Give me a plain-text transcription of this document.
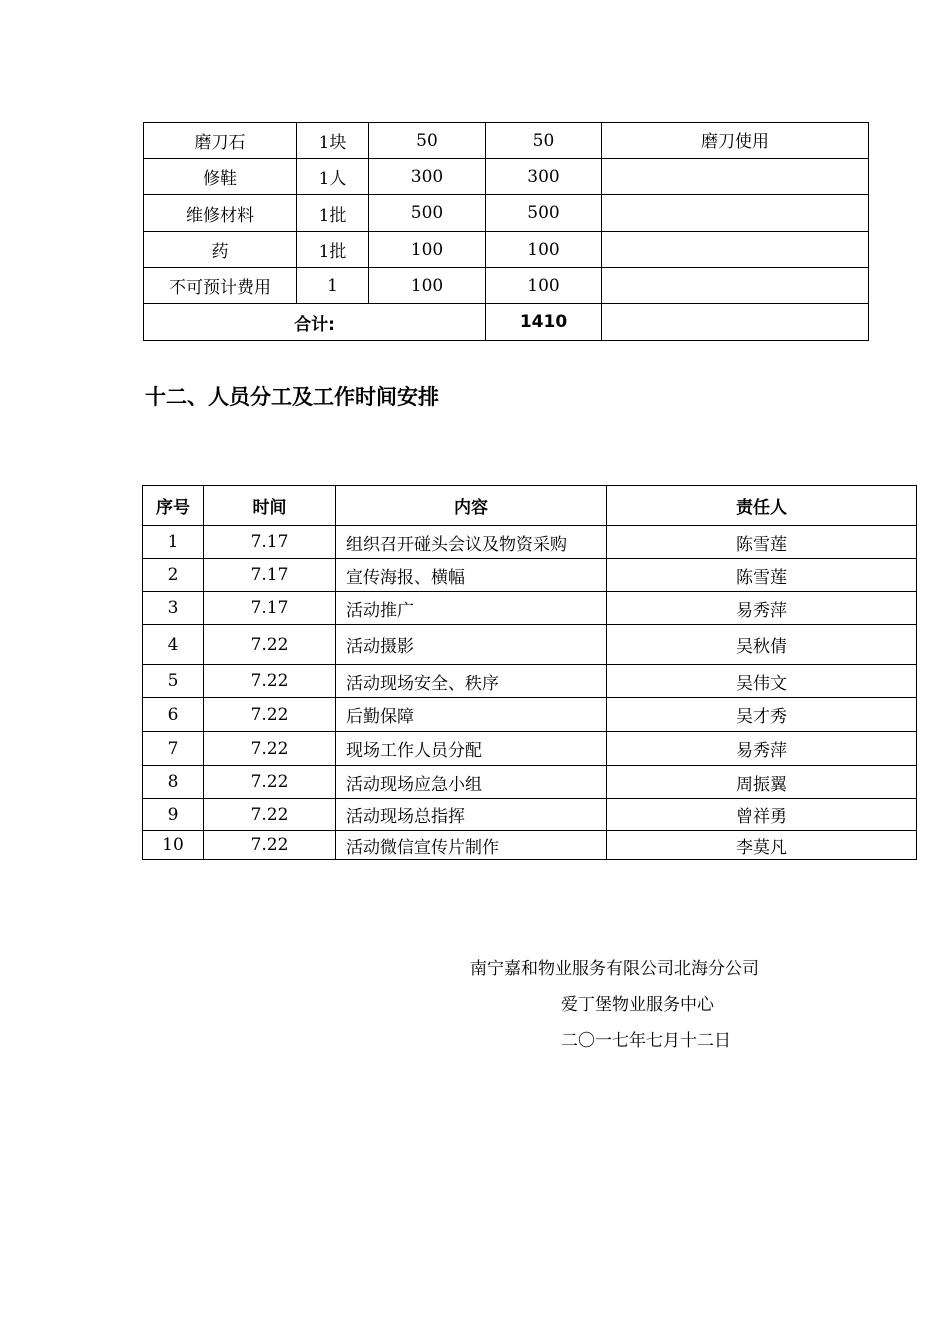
磨刀石	1块	50	50	磨刀使用
修鞋	1人	300	300	
维修材料	1批	500	500	
药	1批	100	100	
不可预计费用	1	100	100	
合计:			1410	
十二、人员分工及工作时间安排
序号	时间	内容	责任人
1	7.17	组织召开碰头会议及物资采购	陈雪莲
2	7.17	宣传海报、横幅	陈雪莲
3	7.17	活动推广	易秀萍
4	7.22	活动摄影	吴秋倩
5	7.22	活动现场安全、秩序	吴伟文
6	7.22	后勤保障	吴才秀
7	7.22	现场工作人员分配	易秀萍
8	7.22	活动现场应急小组	周振翼
9	7.22	活动现场总指挥	曾祥勇
10	7.22	活动微信宣传片制作	李莫凡
南宁嘉和物业服务有限公司北海分公司
爱丁堡物业服务中心
二〇一七年七月十二日
